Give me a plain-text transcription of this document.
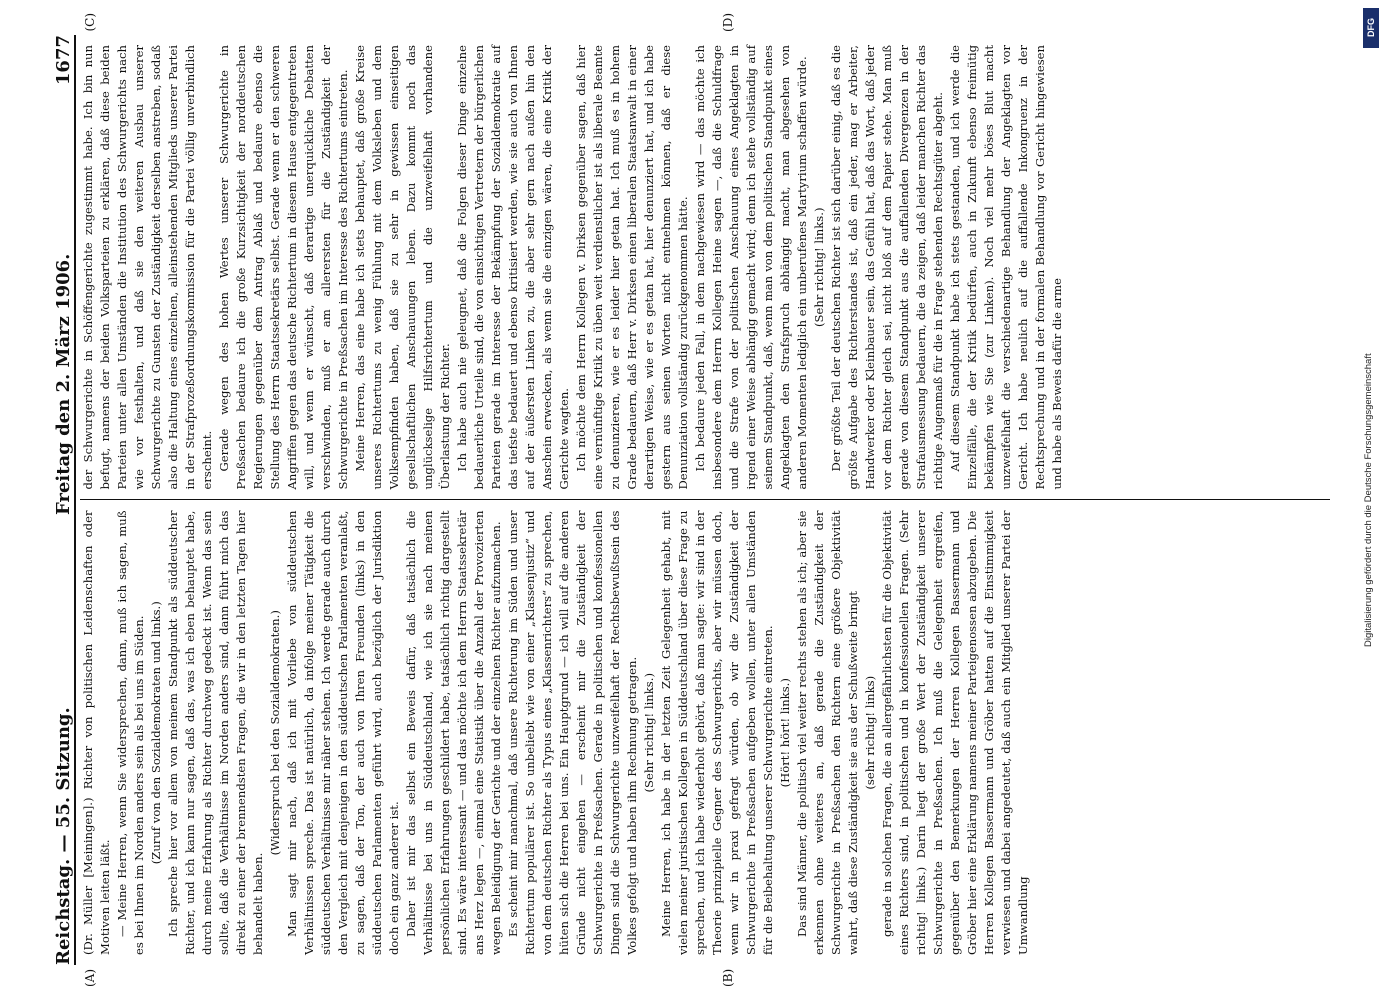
DFG
Digitalisierung gefördert durch die Deutsche Forschungsgemeinschaft
Reichstag. — 55. Sitzung.
Freitag den 2. März 1906.
1677
(A)	(B)

(Dr. Müller [Meiningen].) Richter von politischen Leidenschaften oder Motiven leiten läßt. — Meine Herren, wenn Sie widersprechen, dann, muß ich sagen, muß es bei Ihnen im Norden anders sein als bei uns im Süden. (Zuruf von den Sozialdemokraten und links.) Ich spreche hier vor allem von meinem Standpunkt als süddeutscher Richter, und ich kann nur sagen, daß das, was ich eben behauptet habe, durch meine Erfahrung als Richter durchweg gedeckt ist. Wenn das sein sollte, daß die Verhältnisse im Norden anders sind, dann führt mich das direkt zu einer der brennendsten Fragen, die wir in den letzten Tagen hier behandelt haben.

(Widerspruch bei den Sozialdemokraten.) Man sagt mir nach, daß ich mit Vorliebe von süddeutschen Verhältnissen spreche. Das ist natürlich, da infolge meiner Tätigkeit die süddeutschen Verhältnisse mir näher stehen. Ich werde gerade auch durch den Vergleich mit denjenigen in den süddeutschen Parlamenten veranlaßt, zu sagen, daß der Ton, der auch von Ihren Freunden (links) in den süddeutschen Parlamenten geführt wird, auch bezüglich der Jurisdiktion doch ein ganz anderer ist. Daher ist mir das selbst ein Beweis dafür, daß tatsächlich die Verhältnisse bei uns in Süddeutschland, wie ich sie nach meinen persönlichen Erfahrungen geschildert habe, tatsächlich richtig dargestellt sind. Es wäre interessant — und das möchte ich dem Herrn Staatssekretär ans Herz legen —, einmal eine Statistik über die Anzahl der Provozierten wegen Beleidigung der Gerichte und der einzelnen Richter aufzumachen. Es scheint mir manchmal, daß unsere Richterung im Süden und unser Richtertum populärer ist. So unbeliebt wie von einer „Klassenjustiz“ und von dem deutschen Richter als Typus eines „Klassenrichters“ zu sprechen, hüten sich die Herren bei uns. Ein Hauptgrund — ich will auf die anderen Gründe nicht eingehen — erscheint mir die Zuständigkeit der Schwurgerichte in Preßsachen. Gerade in politischen und konfessionellen Dingen sind die Schwurgerichte unzweifelhaft der Rechtsbewußtsein des Volkes gefolgt und haben ihm Rechnung getragen. (Sehr richtig! links.) Meine Herren, ich habe in der letzten Zeit Gelegenheit gehabt, mit vielen meiner juristischen Kollegen in Süddeutschland über diese Frage zu sprechen, und ich habe wiederholt gehört, daß man sagte: wir sind in der Theorie prinzipielle Gegner des Schwurgerichts, aber wir müssen doch, wenn wir in praxi gefragt würden, ob wir die Zuständigkeit der Schwurgerichte in Preßsachen aufgeben wollen, unter allen Umständen für die Beibehaltung unserer Schwurgerichte eintreten. (Hört! hört! links.) Das sind Männer, die politisch viel weiter rechts stehen als ich; aber sie erkennen ohne weiteres an, daß gerade die Zuständigkeit der Schwurgerichte in Preßsachen den Richtern eine größere Objektivität wahrt, daß diese Zuständigkeit sie aus der Schußweite bringt (sehr richtig! links) gerade in solchen Fragen, die an allergefährlichsten für die Objektivität eines Richters sind, in politischen und in konfessionellen Fragen. (Sehr richtig! links.) Darin liegt der große Wert der Zuständigkeit unserer Schwurgerichte in Preßsachen. Ich muß die Gelegenheit ergreifen, gegenüber den Bemerkungen der Herren Kollegen Bassermann und Gröber hier eine Erklärung namens meiner Parteigenossen abzugeben. Die Herren Kollegen Bassermann und Gröber hatten auf die Einstimmigkeit verwiesen und dabei angedeutet, daß auch ein Mitglied unserer Partei der Umwandlung

(C)	(D)

der Schwurgerichte in Schöffengerichte zugestimmt habe. Ich bin nun befugt, namens der beiden Volksparteien zu erklären, daß diese beiden Parteien unter allen Umständen die Institution des Schwurgerichts nach wie vor festhalten, und daß sie den weiteren Ausbau unserer Schwurgerichte zu Gunsten der Zuständigkeit derselben anstreben, sodaß also die Haltung eines einzelnen, alleinstehenden Mitglieds unserer Partei in der Strafprozeßordnungskommission für die Partei völlig unverbindlich erscheint. Gerade wegen des hohen Wertes unserer Schwurgerichte in Preßsachen bedaure ich die große Kurzsichtigkeit der norddeutschen Regierungen gegenüber dem Antrag Ablaß und bedaure ebenso die Stellung des Herrn Staatssekretärs selbst. Gerade wenn er den schweren Angriffen gegen das deutsche Richtertum in diesem Hause entgegentreten will, und wenn er wünscht, daß derartige unerquickliche Debatten verschwinden, muß er am allerersten für die Zuständigkeit der Schwurgerichte in Preßsachen im Interesse des Richtertums eintreten. Meine Herren, das eine habe ich stets behauptet, daß große Kreise unseres Richtertums zu wenig Fühlung mit dem Volksleben und dem Volksempfinden haben, daß sie zu sehr in gewissen einseitigen gesellschaftlichen Anschauungen leben. Dazu kommt noch das unglückselige Hilfsrichtertum und die unzweifelhaft vorhandene Überlastung der Richter. Ich habe auch nie geleugnet, daß die Folgen dieser Dinge einzelne bedauerliche Urteile sind, die von einsichtigen Vertretern der bürgerlichen Parteien gerade im Interesse der Bekämpfung der Sozialdemokratie auf das tiefste bedauert und ebenso kritisiert werden, wie sie auch von Ihnen auf der äußersten Linken zu, die aber sehr gern nach außen hin den Anschein erwecken, als wenn sie die einzigen wären, die eine Kritik der Gerichte wagten. Ich möchte dem Herrn Kollegen v. Dirksen gegenüber sagen, daß hier eine vernünftige Kritik zu üben weit verdienstlicher ist als liberale Beamte zu denunzieren, wie er es leider hier getan hat. Ich muß es in hohem Grade bedauern, daß Herr v. Dirksen einen liberalen Staatsanwalt in einer derartigen Weise, wie er es getan hat, hier denunziert hat, und ich habe gestern aus seinen Worten nicht entnehmen können, daß er diese Denunziation vollständig zurückgenommen hätte. Ich bedaure jeden Fall, in dem nachgewiesen wird — das möchte ich insbesondere dem Herrn Kollegen Heine sagen —, daß die Schuldfrage und die Strafe von der politischen Anschauung eines Angeklagten in irgend einer Weise abhängig gemacht wird; denn ich stehe vollständig auf seinem Standpunkt, daß, wenn man von dem politischen Standpunkt eines Angeklagten den Strafspruch abhängig macht, man abgesehen von anderen Momenten lediglich ein unberufenes Martyrium schaffen würde. (Sehr richtig! links.) Der größte Teil der deutschen Richter ist sich darüber einig, daß es die größte Aufgabe des Richterstandes ist, daß ein jeder, mag er Arbeiter, Handwerker oder Kleinbauer sein, das Gefühl hat, daß das Wort, daß jeder vor dem Richter gleich sei, nicht bloß auf dem Papier stehe. Man muß gerade von diesem Standpunkt aus die auffallenden Divergenzen in der Strafausmessung bedauern, die da zeigen, daß leider manchen Richter das richtige Augenmaß für die in Frage stehenden Rechtsgüter abgeht. Auf diesem Standpunkt habe ich stets gestanden, und ich werde die Einzelfälle, die der Kritik bedürfen, auch in Zukunft ebenso freimütig bekämpfen wie Sie (zur Linken). Noch viel mehr böses Blut macht unzweifelhaft die verschiedenartige Behandlung der Angeklagten vor Gericht. Ich habe neulich auf die auffallende Inkongruenz in der Rechtsprechung und in der formalen Behandlung vor Gericht hingewiesen und habe als Beweis dafür die arme
